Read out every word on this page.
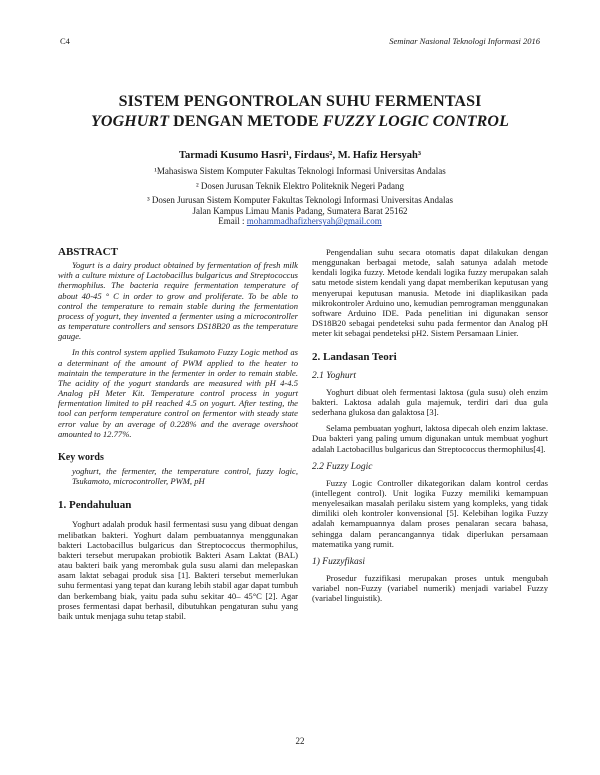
C4	Seminar Nasional Teknologi Informasi 2016
SISTEM PENGONTROLAN SUHU FERMENTASI
YOGHURT DENGAN METODE FUZZY LOGIC CONTROL
Tarmadi Kusumo Hasri¹, Firdaus², M. Hafiz Hersyah³
¹Mahasiswa Sistem Komputer Fakultas Teknologi Informasi Universitas Andalas
² Dosen Jurusan Teknik Elektro Politeknik Negeri Padang
³ Dosen Jurusan Sistem Komputer Fakultas Teknologi Informasi Universitas Andalas
Jalan Kampus Limau Manis Padang, Sumatera Barat 25162
Email : mohammadhafizhersyah@gmail.com
ABSTRACT

Yogurt is a dairy product obtained by fermentation of fresh milk with a culture mixture of Lactobacillus bulgaricus and Streptococcus thermophilus. The bacteria require fermentation temperature of about 40-45 ° C in order to grow and proliferate. To be able to control the temperature to remain stable during the fermentation process of yogurt, they invented a fermenter using a microcontroller as temperature controllers and sensors DS18B20 as the temperature gauge.

In this control system applied Tsukamoto Fuzzy Logic method as a determinant of the amount of PWM applied to the heater to maintain the temperature in the fermenter in order to remain stable. The acidity of the yogurt standards are measured with pH 4-4.5 Analog pH Meter Kit. Temperature control process in yogurt fermentation limited to pH reached 4.5 on yogurt. After testing, the tool can perform temperature control on fermentor with steady state error value by an average of 0.228% and the average overshoot amounted to 12.77%.

Key words

yoghurt, the fermenter, the temperature control, fuzzy logic, Tsukamoto, microcontroller, PWM, pH

1. Pendahuluan

Yoghurt adalah produk hasil fermentasi susu yang dibuat dengan melibatkan bakteri. Yoghurt dalam pembuatannya menggunakan bakteri Lactobacillus bulgaricus dan Streptococcus thermophilus, bakteri tersebut merupakan probiotik Bakteri Asam Laktat (BAL) atau bakteri baik yang merombak gula susu alami dan melepaskan asam laktat sebagai produk sisa [1]. Bakteri tersebut memerlukan suhu fermentasi yang tepat dan kurang lebih stabil agar dapat tumbuh dan berkembang biak, yaitu pada suhu sekitar 40– 45°C [2]. Agar proses fermentasi dapat berhasil, dibutuhkan pengaturan suhu yang baik untuk menjaga suhu tetap stabil.

Pengendalian suhu secara otomatis dapat dilakukan dengan menggunakan berbagai metode, salah satunya adalah metode kendali logika fuzzy. Metode kendali logika fuzzy merupakan salah satu metode sistem kendali yang dapat memberikan keputusan yang menyerupai keputusan manusia. Metode ini diaplikasikan pada mikrokontroler Arduino uno, kemudian pemrograman menggunakan software Arduino IDE. Pada penelitian ini digunakan sensor DS18B20 sebagai pendeteksi suhu pada fermentor dan Analog pH meter kit sebagai pendeteksi pH2. Sistem Persamaan Linier.

2. Landasan Teori
2.1 Yoghurt

Yoghurt dibuat oleh fermentasi laktosa (gula susu) oleh enzim bakteri. Laktosa adalah gula majemuk, terdiri dari dua gula sederhana glukosa dan galaktosa [3].

Selama pembuatan yoghurt, laktosa dipecah oleh enzim laktase. Dua bakteri yang paling umum digunakan untuk membuat yoghurt adalah Lactobacillus bulgaricus dan Streptococcus thermophilus[4].

2.2 Fuzzy Logic

Fuzzy Logic Controller dikategorikan dalam kontrol cerdas (intellegent control). Unit logika Fuzzy memiliki kemampuan menyelesaikan masalah perilaku sistem yang kompleks, yang tidak dimiliki oleh kontroler konvensional [5]. Kelebihan logika Fuzzy adalah kemampuannya dalam proses penalaran secara bahasa, sehingga dalam perancangannya tidak diperlukan persamaan matematika yang rumit.

1) Fuzzyfikasi

Prosedur fuzzifikasi merupakan proses untuk mengubah variabel non-Fuzzy (variabel numerik) menjadi variabel Fuzzy (variabel linguistik).

22
